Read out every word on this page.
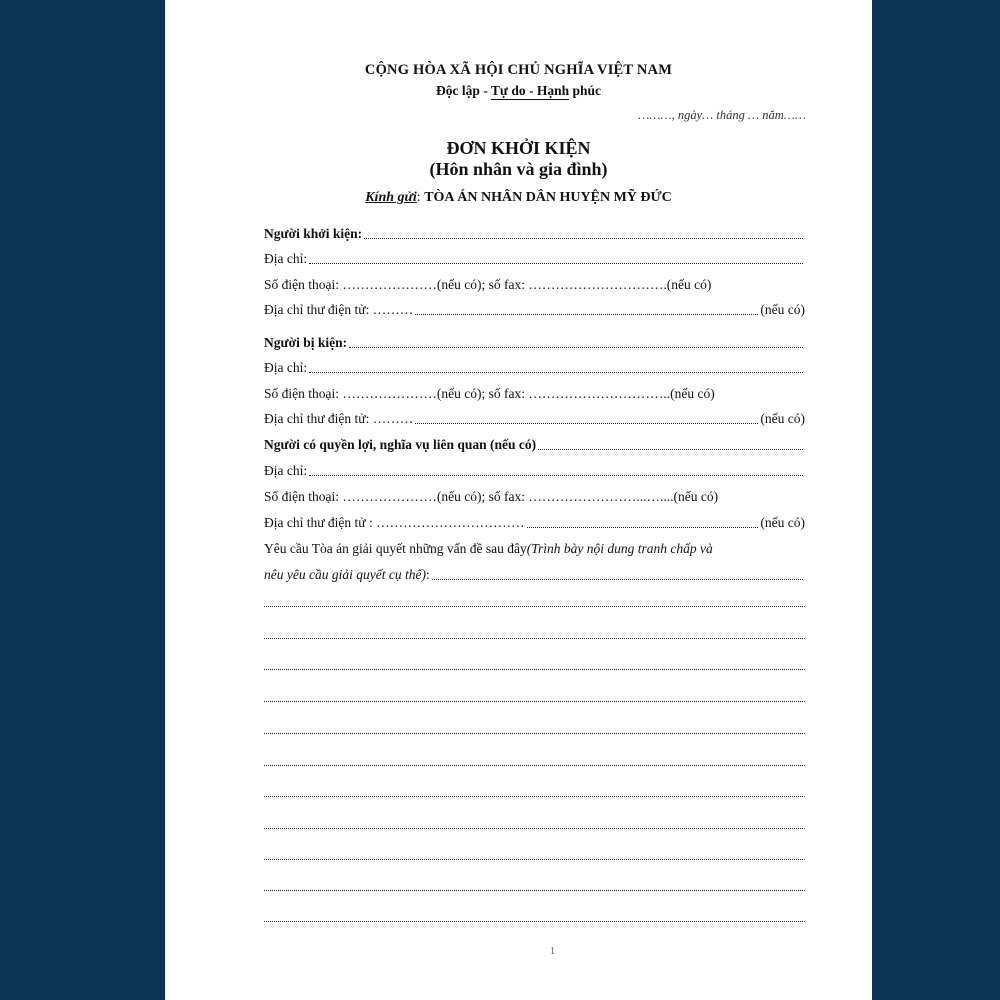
CỘNG HÒA XÃ HỘI CHỦ NGHĨA VIỆT NAM
Độc lập - Tự do - Hạnh phúc
………, ngày… tháng … năm……
ĐƠN KHỞI KIỆN
(Hôn nhân và gia đình)
Kính gửi: TÒA ÁN NHÂN DÂN HUYỆN MỸ ĐỨC
Người khởi kiện:
Địa chỉ:
Số điện thoại: …………………(nếu có); số fax: ………………………….(nếu có)
Địa chỉ thư điện tử: ………	(nếu có)
Người bị kiện:
Địa chỉ:
Số điện thoại: …………………(nếu có); số fax: …………………………..(nếu có)
Địa chỉ thư điện tử: ………	(nếu có)
Người có quyền lợi, nghĩa vụ liên quan (nếu có)
Địa chỉ:
Số điện thoại: …………………(nếu có); số fax: ……………………...…....(nếu có)
Địa chỉ thư điện tử : ……………………………	(nếu có)
Yêu cầu Tòa án giải quyết những vấn đề sau đây (Trình bày nội dung tranh chấp và
nêu yêu cầu giải quyết cụ thể) :
1
